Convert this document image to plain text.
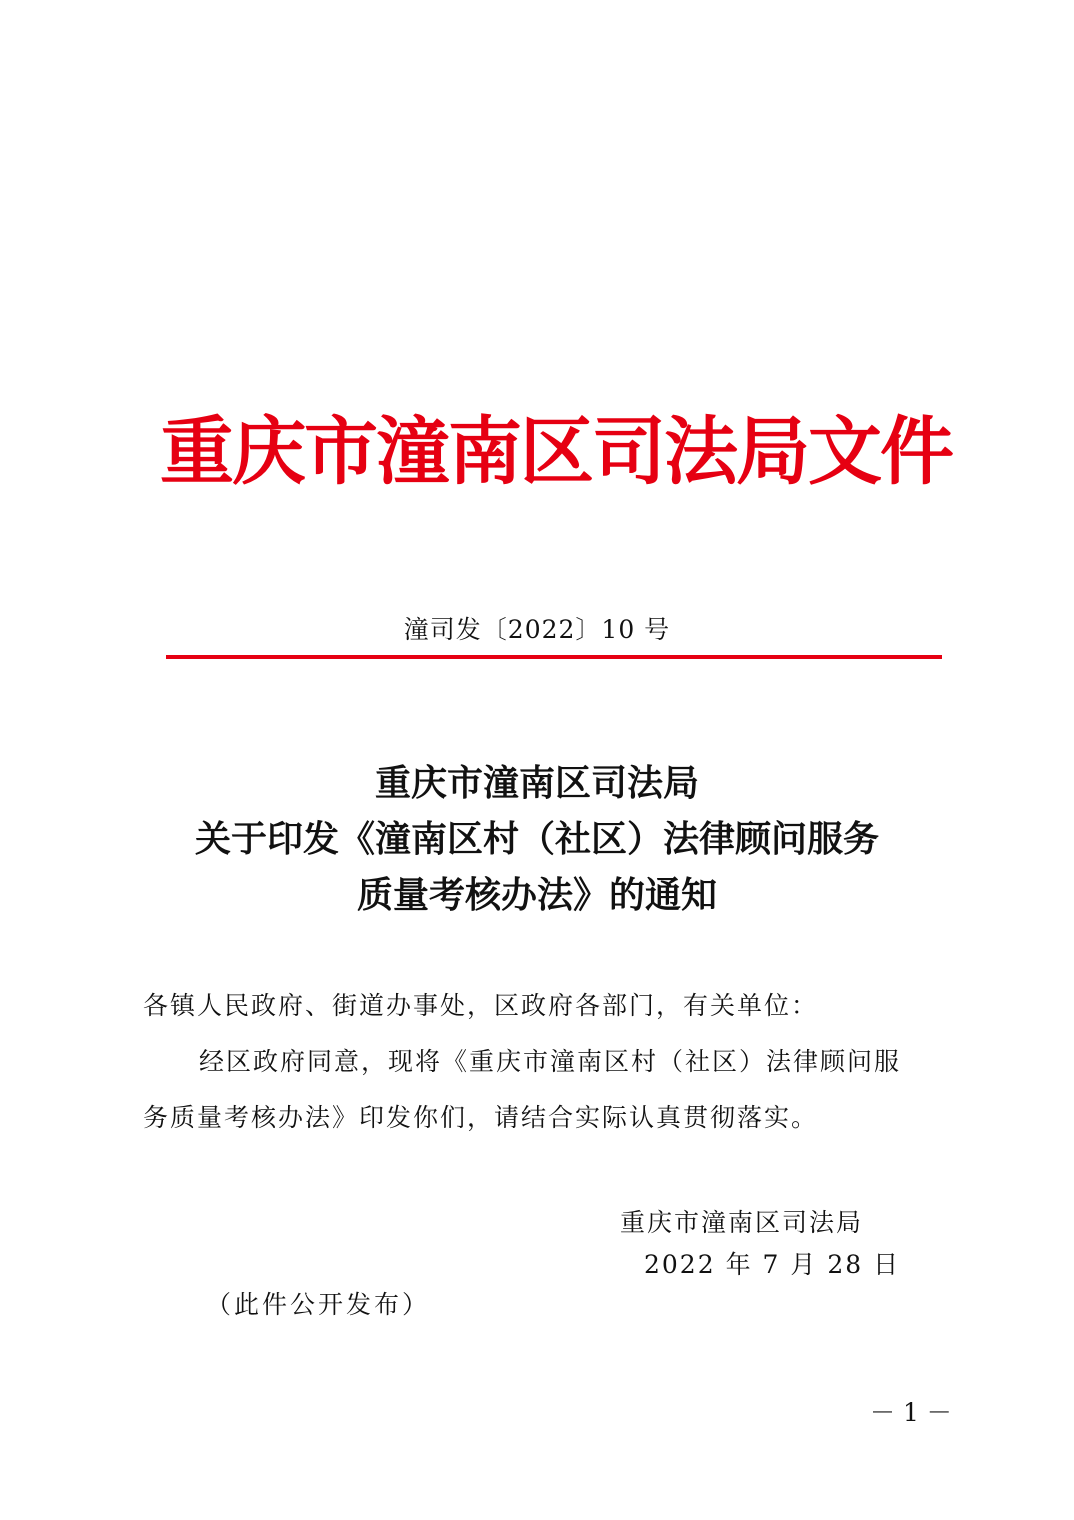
重庆市潼南区司法局文件
潼司发〔2022〕10 号
重庆市潼南区司法局
关于印发《潼南区村（社区）法律顾问服务
质量考核办法》的通知

各镇人民政府、街道办事处，区政府各部门，有关单位：

经区政府同意，现将《重庆市潼南区村（社区）法律顾问服

务质量考核办法》印发你们，请结合实际认真贯彻落实。

重庆市潼南区司法局
2022 年 7 月 28 日
（此件公开发布）
－ 1 －
